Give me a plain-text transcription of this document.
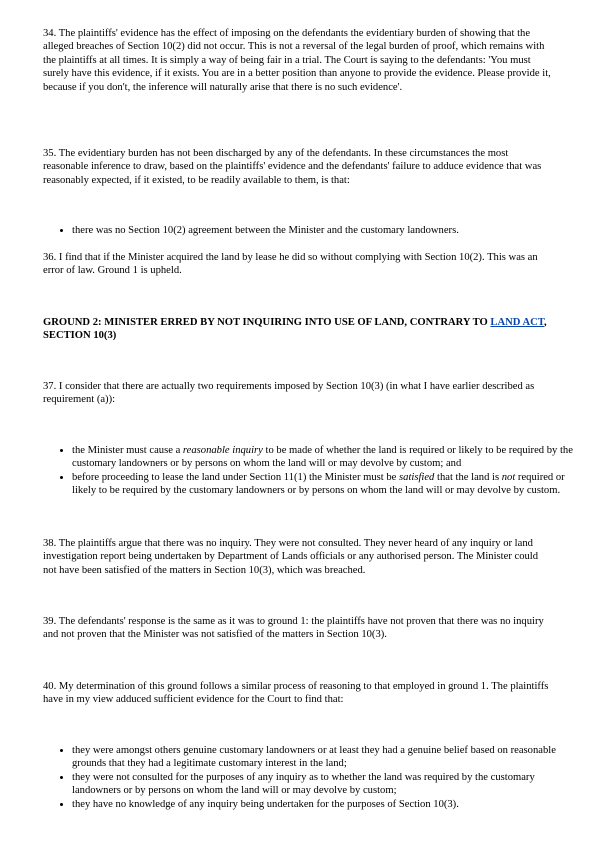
34. The plaintiffs' evidence has the effect of imposing on the defendants the evidentiary burden of showing that the alleged breaches of Section 10(2) did not occur. This is not a reversal of the legal burden of proof, which remains with the plaintiffs at all times. It is simply a way of being fair in a trial. The Court is saying to the defendants: 'You must surely have this evidence, if it exists. You are in a better position than anyone to provide the evidence. Please provide it, because if you don't, the inference will naturally arise that there is no such evidence'.

35. The evidentiary burden has not been discharged by any of the defendants. In these circumstances the most reasonable inference to draw, based on the plaintiffs' evidence and the defendants' failure to adduce evidence that was reasonably expected, if it existed, to be readily available to them, is that:

• there was no Section 10(2) agreement between the Minister and the customary landowners.

36. I find that if the Minister acquired the land by lease he did so without complying with Section 10(2). This was an error of law. Ground 1 is upheld.

GROUND 2: MINISTER ERRED BY NOT INQUIRING INTO USE OF LAND, CONTRARY TO LAND ACT, SECTION 10(3)

37. I consider that there are actually two requirements imposed by Section 10(3) (in what I have earlier described as requirement (a)):

• the Minister must cause a reasonable inquiry to be made of whether the land is required or likely to be required by the customary landowners or by persons on whom the land will or may devolve by custom; and
• before proceeding to lease the land under Section 11(1) the Minister must be satisfied that the land is not required or likely to be required by the customary landowners or by persons on whom the land will or may devolve by custom.

38. The plaintiffs argue that there was no inquiry. They were not consulted. They never heard of any inquiry or land investigation report being undertaken by Department of Lands officials or any authorised person. The Minister could not have been satisfied of the matters in Section 10(3), which was breached.

39. The defendants' response is the same as it was to ground 1: the plaintiffs have not proven that there was no inquiry and not proven that the Minister was not satisfied of the matters in Section 10(3).

40. My determination of this ground follows a similar process of reasoning to that employed in ground 1. The plaintiffs have in my view adduced sufficient evidence for the Court to find that:

• they were amongst others genuine customary landowners or at least they had a genuine belief based on reasonable grounds that they had a legitimate customary interest in the land;
• they were not consulted for the purposes of any inquiry as to whether the land was required by the customary landowners or by persons on whom the land will or may devolve by custom;
• they have no knowledge of any inquiry being undertaken for the purposes of Section 10(3).
